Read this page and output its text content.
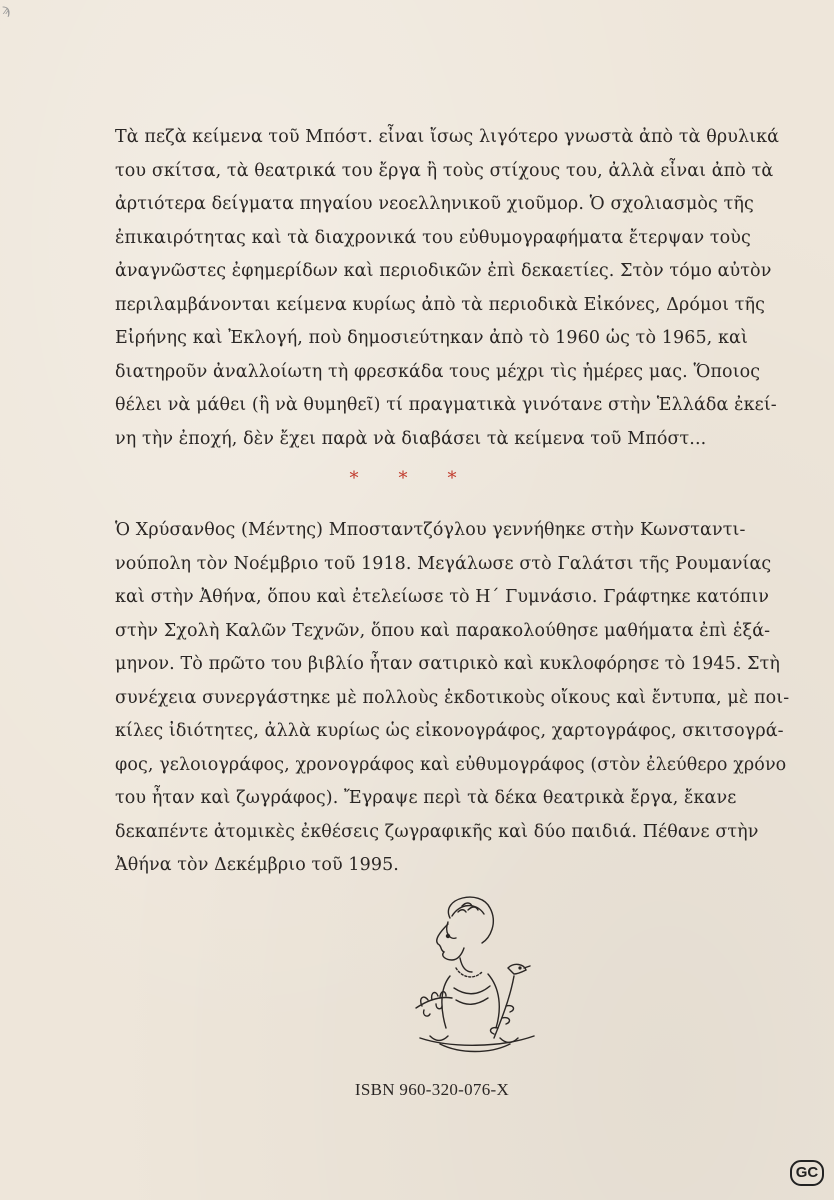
ϡ
Τὰ πεζὰ κείμενα τοῦ Μπόστ. εἶναι ἴσως λιγότερο γνωστὰ ἀπὸ τὰ θρυλικά
του σκίτσα, τὰ θεατρικά του ἔργα ἢ τοὺς στίχους του, ἀλλὰ εἶναι ἀπὸ τὰ
ἀρτιότερα δείγματα πηγαίου νεοελληνικοῦ χιοῦμορ. Ὁ σχολιασμὸς τῆς
ἐπικαιρότητας καὶ τὰ διαχρονικά του εὐθυμογραφήματα ἔτερψαν τοὺς
ἀναγνῶστες ἐφημερίδων καὶ περιοδικῶν ἐπὶ δεκαετίες. Στὸν τόμο αὐτὸν
περιλαμβάνονται κείμενα κυρίως ἀπὸ τὰ περιοδικὰ Εἰκόνες, Δρόμοι τῆς
Εἰρήνης καὶ Ἐκλογή, ποὺ δημοσιεύτηκαν ἀπὸ τὸ 1960 ὡς τὸ 1965, καὶ
διατηροῦν ἀναλλοίωτη τὴ φρεσκάδα τους μέχρι τὶς ἡμέρες μας. Ὅποιος
θέλει νὰ μάθει (ἢ νὰ θυμηθεῖ) τί πραγματικὰ γινότανε στὴν Ἑλλάδα ἐκεί-
νη τὴν ἐποχή, δὲν ἔχει παρὰ νὰ διαβάσει τὰ κείμενα τοῦ Μπόστ...
* * *
Ὁ Χρύσανθος (Μέντης) Μποσταντζόγλου γεννήθηκε στὴν Κωνσταντι-
νούπολη τὸν Νοέμβριο τοῦ 1918. Μεγάλωσε στὸ Γαλάτσι τῆς Ρουμανίας
καὶ στὴν Ἀθήνα, ὅπου καὶ ἐτελείωσε τὸ Η΄ Γυμνάσιο. Γράφτηκε κατόπιν
στὴν Σχολὴ Καλῶν Τεχνῶν, ὅπου καὶ παρακολούθησε μαθήματα ἐπὶ ἑξά-
μηνον. Τὸ πρῶτο του βιβλίο ἦταν σατιρικὸ καὶ κυκλοφόρησε τὸ 1945. Στὴ
συνέχεια συνεργάστηκε μὲ πολλοὺς ἐκδοτικοὺς οἴκους καὶ ἔντυπα, μὲ ποι-
κίλες ἰδιότητες, ἀλλὰ κυρίως ὡς εἰκονογράφος, χαρτογράφος, σκιτσογρά-
φος, γελοιογράφος, χρονογράφος καὶ εὐθυμογράφος (στὸν ἐλεύθερο χρόνο
του ἦταν καὶ ζωγράφος). Ἔγραψε περὶ τὰ δέκα θεατρικὰ ἔργα, ἔκανε
δεκαπέντε ἀτομικὲς ἐκθέσεις ζωγραφικῆς καὶ δύο παιδιά. Πέθανε στὴν
Ἀθήνα τὸν Δεκέμβριο τοῦ 1995.
ISBN 960-320-076-X
GC
